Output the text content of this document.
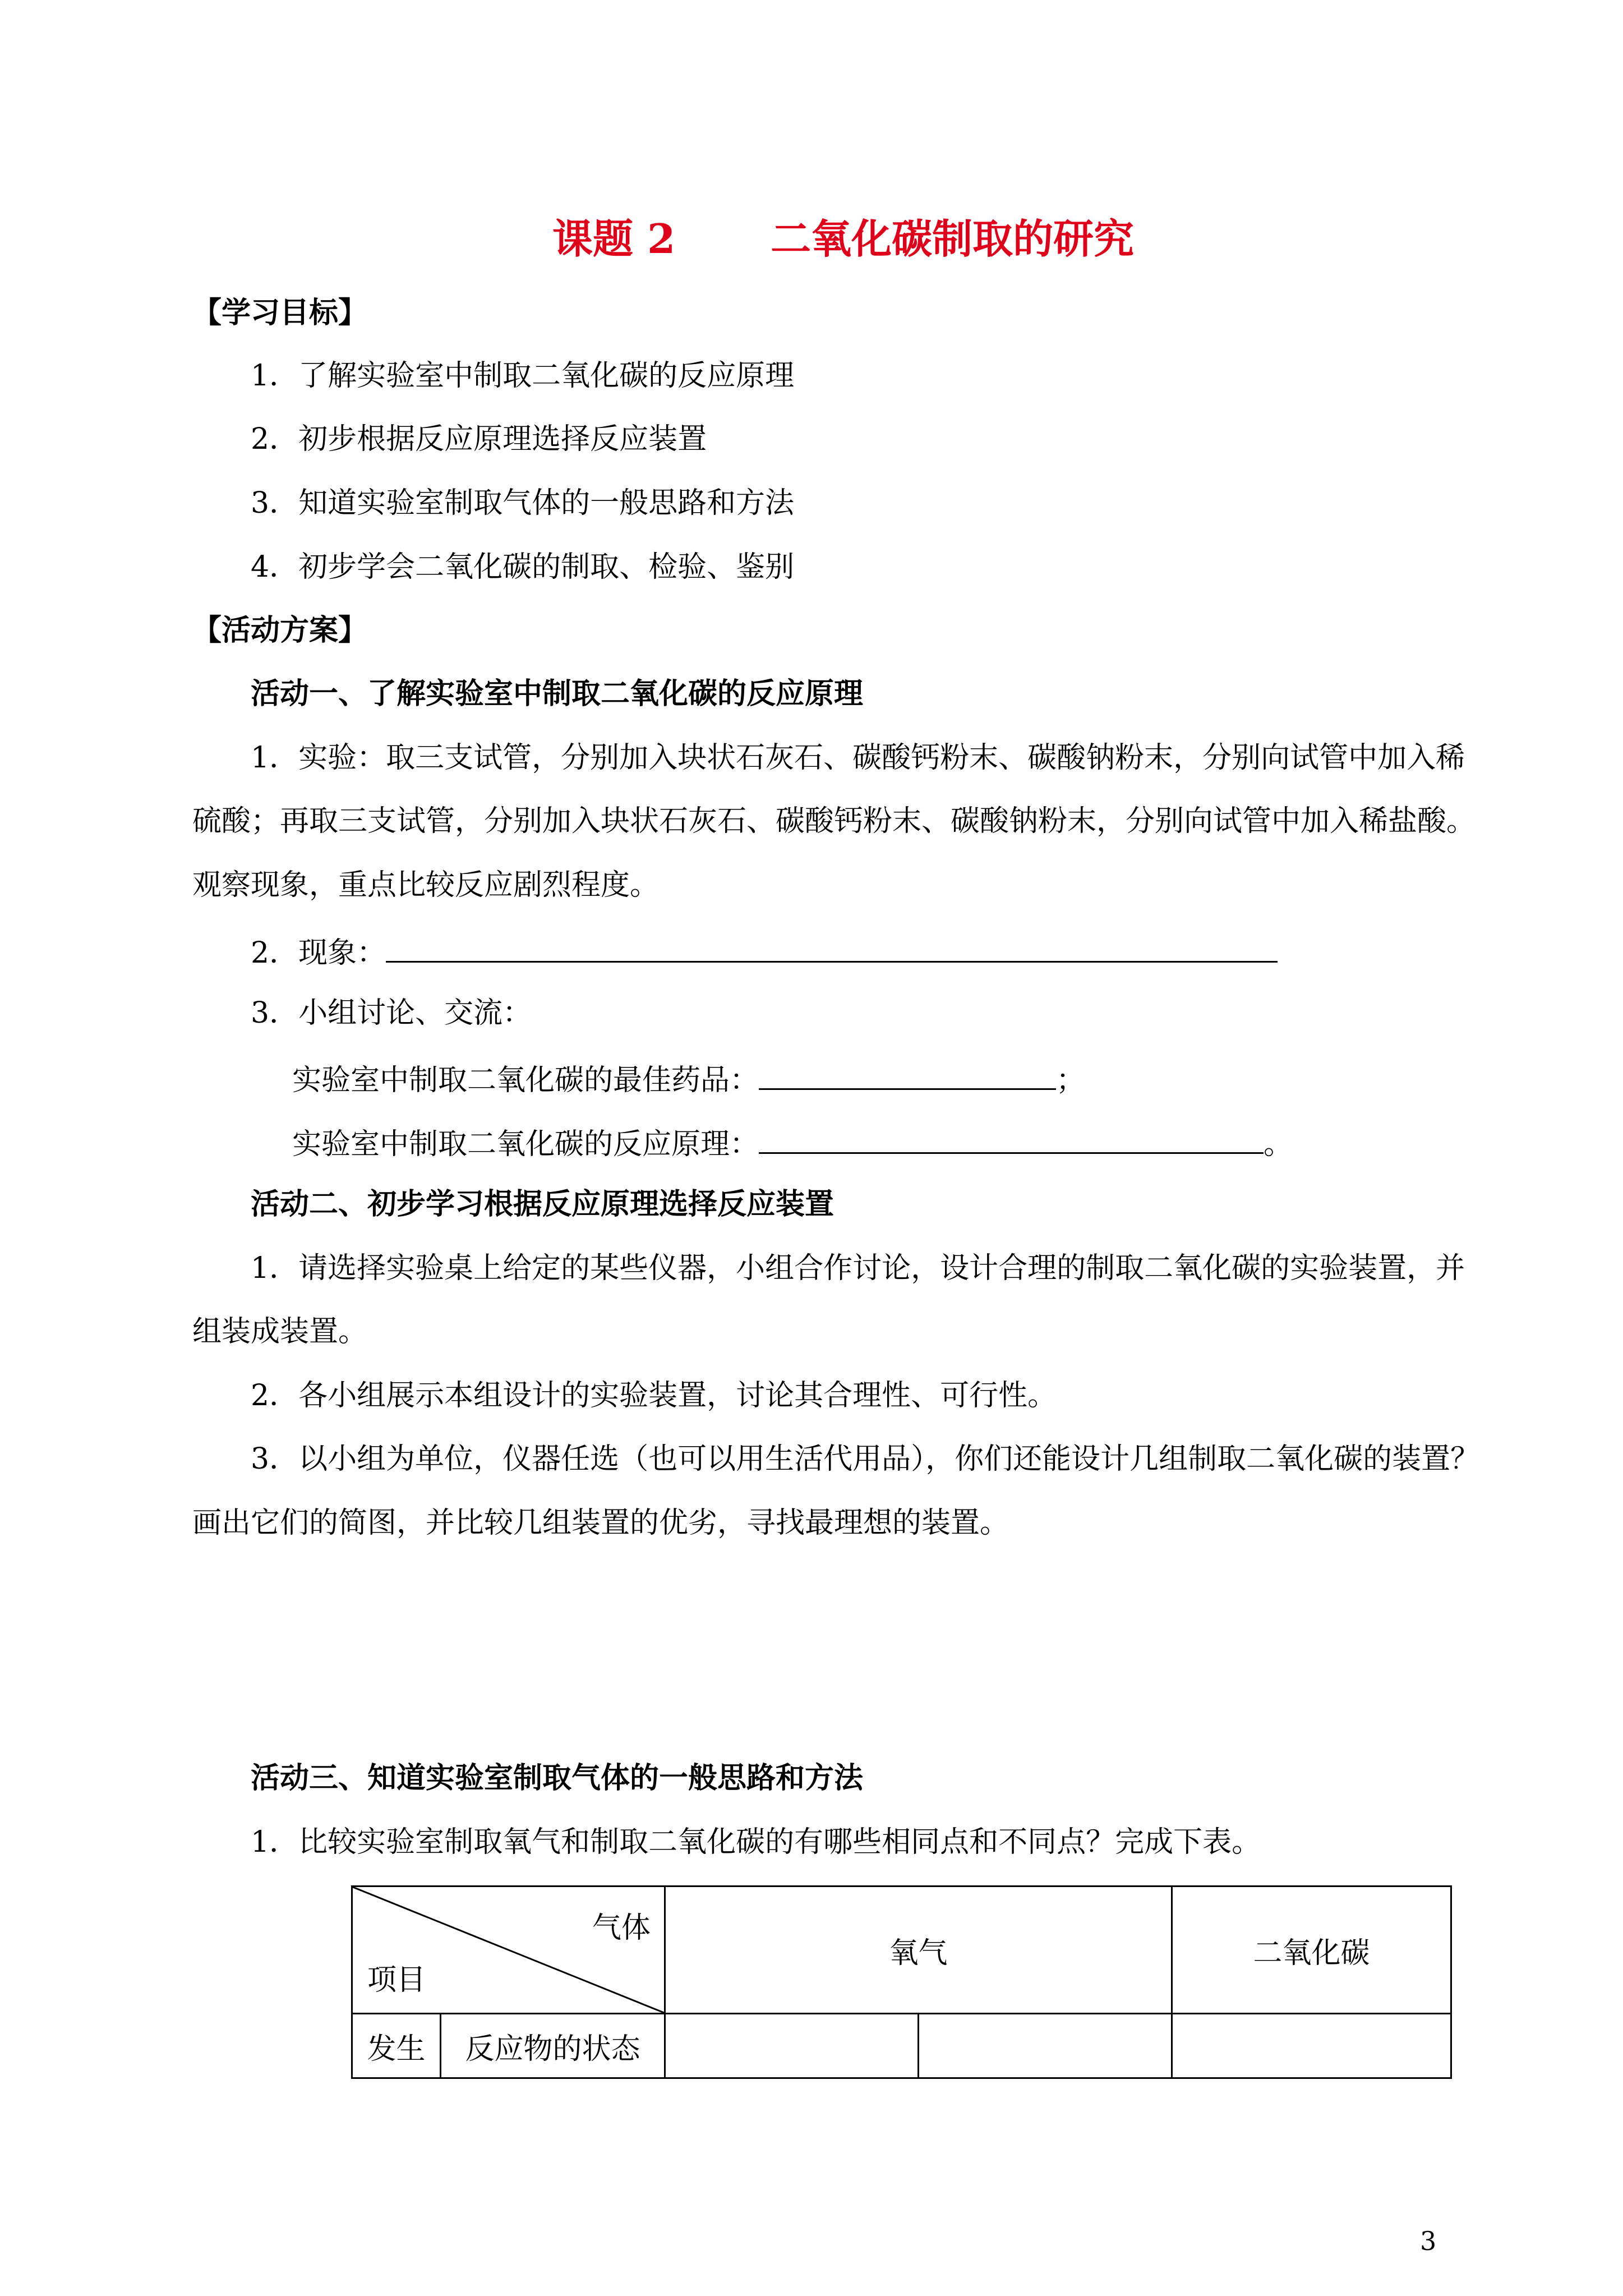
课题 2 二氧化碳制取的研究
【学习目标】
1．了解实验室中制取二氧化碳的反应原理
2．初步根据反应原理选择反应装置
3．知道实验室制取气体的一般思路和方法
4．初步学会二氧化碳的制取、检验、鉴别
【活动方案】
活动一、了解实验室中制取二氧化碳的反应原理
1．实验：取三支试管，分别加入块状石灰石、碳酸钙粉末、碳酸钠粉末，分别向试管中加入稀
硫酸；再取三支试管，分别加入块状石灰石、碳酸钙粉末、碳酸钠粉末，分别向试管中加入稀盐酸。
观察现象，重点比较反应剧烈程度。
2．现象：
3．小组讨论、交流：
实验室中制取二氧化碳的最佳药品：	；
实验室中制取二氧化碳的反应原理：	。
活动二、初步学习根据反应原理选择反应装置
1．请选择实验桌上给定的某些仪器，小组合作讨论，设计合理的制取二氧化碳的实验装置，并
组装成装置。
2．各小组展示本组设计的实验装置，讨论其合理性、可行性。
3．以小组为单位，仪器任选（也可以用生活代用品），你们还能设计几组制取二氧化碳的装置？
画出它们的简图，并比较几组装置的优劣，寻找最理想的装置。
活动三、知道实验室制取气体的一般思路和方法
1．比较实验室制取氧气和制取二氧化碳的有哪些相同点和不同点？完成下表。
气体
项目		氧气		二氧化碳
发生	反应物的状态			
3
